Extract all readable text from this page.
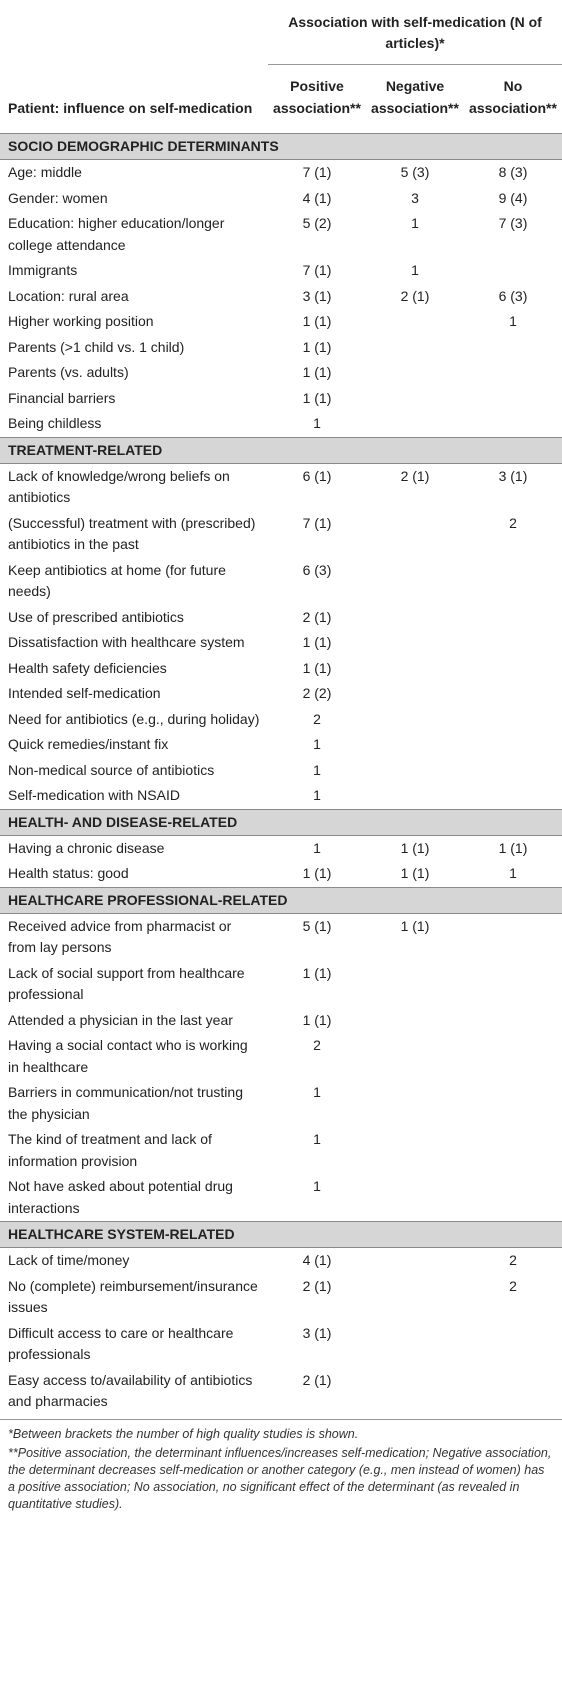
	Association with self-medication (N of articles)*		
Patient: influence on self-medication	Positive association**	Negative association**	No association**
SOCIO DEMOGRAPHIC DETERMINANTS			
Age: middle	7 (1)	5 (3)	8 (3)
Gender: women	4 (1)	3	9 (4)
Education: higher education/longer college attendance	5 (2)	1	7 (3)
Immigrants	7 (1)	1	
Location: rural area	3 (1)	2 (1)	6 (3)
Higher working position	1 (1)		1
Parents (>1 child vs. 1 child)	1 (1)		
Parents (vs. adults)	1 (1)		
Financial barriers	1 (1)		
Being childless	1		
TREATMENT-RELATED			
Lack of knowledge/wrong beliefs on antibiotics	6 (1)	2 (1)	3 (1)
(Successful) treatment with (prescribed) antibiotics in the past	7 (1)		2
Keep antibiotics at home (for future needs)	6 (3)		
Use of prescribed antibiotics	2 (1)		
Dissatisfaction with healthcare system	1 (1)		
Health safety deficiencies	1 (1)		
Intended self-medication	2 (2)		
Need for antibiotics (e.g., during holiday)	2		
Quick remedies/instant fix	1		
Non-medical source of antibiotics	1		
Self-medication with NSAID	1		
HEALTH- AND DISEASE-RELATED			
Having a chronic disease	1	1 (1)	1 (1)
Health status: good	1 (1)	1 (1)	1
HEALTHCARE PROFESSIONAL-RELATED			
Received advice from pharmacist or from lay persons	5 (1)	1 (1)	
Lack of social support from healthcare professional	1 (1)		
Attended a physician in the last year	1 (1)		
Having a social contact who is working in healthcare	2		
Barriers in communication/not trusting the physician	1		
The kind of treatment and lack of information provision	1		
Not have asked about potential drug interactions	1		
HEALTHCARE SYSTEM-RELATED			
Lack of time/money	4 (1)		2
No (complete) reimbursement/insurance issues	2 (1)		2
Difficult access to care or healthcare professionals	3 (1)		
Easy access to/availability of antibiotics and pharmacies	2 (1)		

*Between brackets the number of high quality studies is shown.

**Positive association, the determinant influences/increases self-medication; Negative association, the determinant decreases self-medication or another category (e.g., men instead of women) has a positive association; No association, no significant effect of the determinant (as revealed in quantitative studies).
